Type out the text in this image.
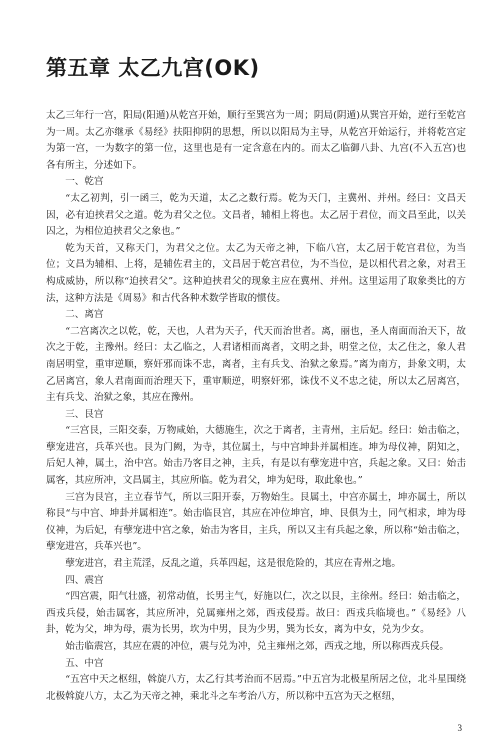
第五章 太乙九宫(OK)

太乙三年行一宫，阳局(阳遁)从乾宫开始，顺行至巽宫为一周；阴局(阴遁)从巽宫开始，逆行至乾宫为一周。太乙亦继承《易经》扶阳抑阴的思想，所以以阳局为主导，从乾宫开始运行，并将乾宫定为第一宫，一为数字的第一位，这里也是有一定含意在内的。而太乙临御八卦、九宫(不入五宫)也各有所主，分述如下。

一、乾宫

“太乙初判，引一函三，乾为天道，太乙之数行焉。乾为天门，主冀州、并州。经曰：文昌天因，必有迫挟君父之道。乾为君父之位。文昌者，辅相上将也。太乙居于君位，而文昌至此，以关囚之，为相位迫挟君父之象也。”

乾为天首，又称天门，为君父之位。太乙为天帝之神，下临八宫，太乙居于乾宫君位，为当位；文昌为辅相、上将，是辅佐君主的，文昌居于乾宫君位，为不当位，是以相代君之象，对君王构成威协，所以称“迫挟君父”。这种迫挟君父的现象主应在冀州、并州。这里运用了取象类比的方法，这种方法是《周易》和古代各种术数学皆取的惯伎。

二、离宫

“二宫离次之以乾，乾，天也，人君为天子，代天而治世者。离，丽也，圣人南面而治天下，故次之于乾，主豫州。经曰：太乙临之，人君诸相而离者，文明之卦，明堂之位，太乙住之，象人君南居明堂，重审逆顺，察奸邪而诛不忠，离者，主有兵戈、治狱之象焉。”离为南方，卦象文明，太乙居离宫，象人君南面而治理天下，重审顺逆，明察奸邪，诛伐不义不忠之徒，所以太乙居离宫，主有兵戈、治狱之象，其应在豫州。

三、艮宫

“三宫艮，三阳交泰，万物咸始，大德施生，次之于离者，主青州，主后妃。经曰：始击临之，孽宠进宫，兵革兴也。艮为门阙，为寺，其位属土，与中宫坤卦并属相连。坤为母仪神，阴知之，后妃人神，属土，治中宫。始击乃客目之神，主兵，有是以有孽宠进中宫，兵起之象。又曰：始击属客，其应所冲，文昌属主，其应所临。乾为君父，坤为妃母，取此象也。”

三宫为艮宫，主立春节气，所以三阳开泰，万物始生。艮属土，中宫亦属土，坤亦属土，所以称艮“与中宫、坤卦并属相连”。始击临艮宫，其应在冲位坤宫，坤、艮俱为土，同气相求，坤为母仪神，为后妃，有孽宠进中宫之象，始击为客目，主兵，所以又主有兵起之象，所以称“始击临之，孽宠进宫，兵革兴也”。

孽宠进宫，君主荒淫，反乱之道，兵革四起，这是很危险的，其应在青州之地。

四、震宫

“四宫震，阳气壮盛，初常动值，长男主气，好施以仁，次之以艮，主徐州。经曰：始击临之，西戎兵侵，始击属客，其应所冲，兑属雍州之郊，西戎侵焉。故曰：西戎兵临境也。”《易经》八卦，乾为父，坤为母，震为长男，坎为中男，艮为少男，巽为长女，离为中女，兑为少女。

始击临震宫，其应在震的冲位，震与兑为冲，兑主雍州之郊，西戎之地，所以称西戎兵侵。

五、中宫

“五宫中天之枢纽，斡旋八方，太乙行其考治而不居焉。”中五宫为北极星所居之位，北斗星围绕北极斡旋八方，太乙为天帝之神，乘北斗之车考治八方，所以称中五宫为天之枢纽，

3
